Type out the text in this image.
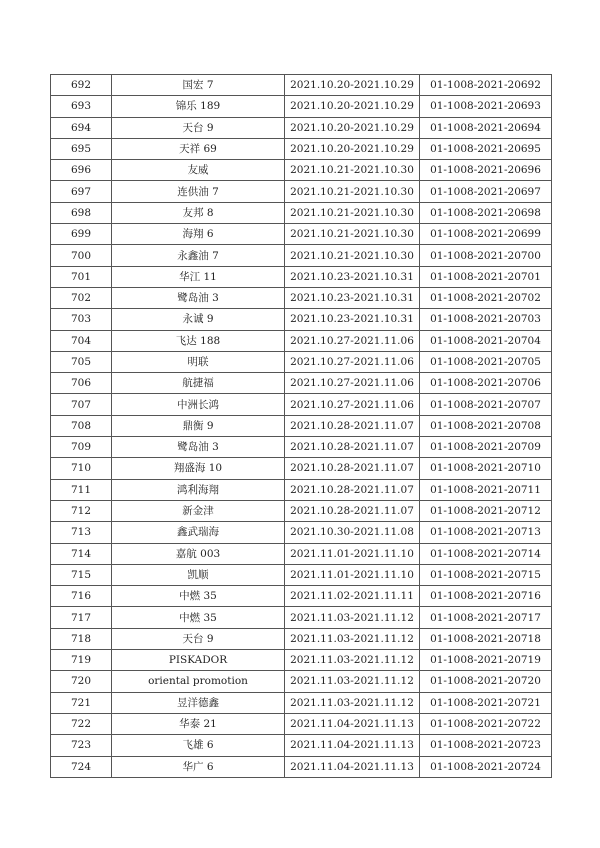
692	国宏 7	2021.10.20-2021.10.29	01-1008-2021-20692
693	锦乐 189	2021.10.20-2021.10.29	01-1008-2021-20693
694	天台 9	2021.10.20-2021.10.29	01-1008-2021-20694
695	天祥 69	2021.10.20-2021.10.29	01-1008-2021-20695
696	友威	2021.10.21-2021.10.30	01-1008-2021-20696
697	连供油 7	2021.10.21-2021.10.30	01-1008-2021-20697
698	友邦 8	2021.10.21-2021.10.30	01-1008-2021-20698
699	海翔 6	2021.10.21-2021.10.30	01-1008-2021-20699
700	永鑫油 7	2021.10.21-2021.10.30	01-1008-2021-20700
701	华江 11	2021.10.23-2021.10.31	01-1008-2021-20701
702	鹭岛油 3	2021.10.23-2021.10.31	01-1008-2021-20702
703	永诚 9	2021.10.23-2021.10.31	01-1008-2021-20703
704	飞达 188	2021.10.27-2021.11.06	01-1008-2021-20704
705	明联	2021.10.27-2021.11.06	01-1008-2021-20705
706	航捷福	2021.10.27-2021.11.06	01-1008-2021-20706
707	中洲长鸿	2021.10.27-2021.11.06	01-1008-2021-20707
708	鼎衡 9	2021.10.28-2021.11.07	01-1008-2021-20708
709	鹭岛油 3	2021.10.28-2021.11.07	01-1008-2021-20709
710	翔盛海 10	2021.10.28-2021.11.07	01-1008-2021-20710
711	鸿利海翔	2021.10.28-2021.11.07	01-1008-2021-20711
712	新金津	2021.10.28-2021.11.07	01-1008-2021-20712
713	鑫武瑞海	2021.10.30-2021.11.08	01-1008-2021-20713
714	嘉航 003	2021.11.01-2021.11.10	01-1008-2021-20714
715	凯顺	2021.11.01-2021.11.10	01-1008-2021-20715
716	中燃 35	2021.11.02-2021.11.11	01-1008-2021-20716
717	中燃 35	2021.11.03-2021.11.12	01-1008-2021-20717
718	天台 9	2021.11.03-2021.11.12	01-1008-2021-20718
719	PISKADOR	2021.11.03-2021.11.12	01-1008-2021-20719
720	oriental promotion	2021.11.03-2021.11.12	01-1008-2021-20720
721	昱洋德鑫	2021.11.03-2021.11.12	01-1008-2021-20721
722	华泰 21	2021.11.04-2021.11.13	01-1008-2021-20722
723	飞雄 6	2021.11.04-2021.11.13	01-1008-2021-20723
724	华广 6	2021.11.04-2021.11.13	01-1008-2021-20724
